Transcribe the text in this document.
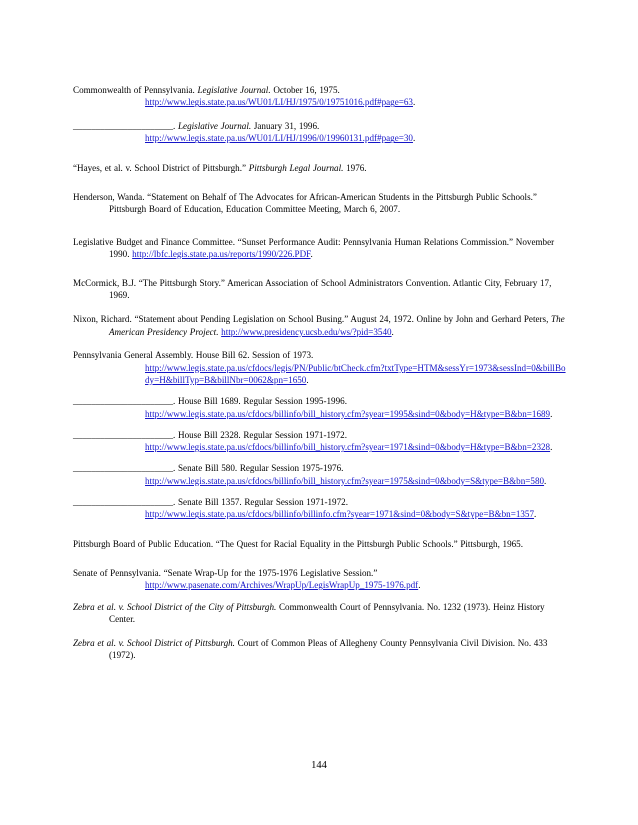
Commonwealth of Pennsylvania. Legislative Journal. October 16, 1975.
http://www.legis.state.pa.us/WU01/LI/HJ/1975/0/19751016.pdf#page=63.

______________________. Legislative Journal. January 31, 1996.
http://www.legis.state.pa.us/WU01/LI/HJ/1996/0/19960131.pdf#page=30.

“Hayes, et al. v. School District of Pittsburgh.” Pittsburgh Legal Journal. 1976.

Henderson, Wanda. “Statement on Behalf of The Advocates for African-American Students in the Pittsburgh Public Schools.” Pittsburgh Board of Education, Education Committee Meeting, March 6, 2007.

Legislative Budget and Finance Committee. “Sunset Performance Audit: Pennsylvania Human Relations Commission.” November 1990. http://lbfc.legis.state.pa.us/reports/1990/226.PDF.

McCormick, B.J. “The Pittsburgh Story.” American Association of School Administrators Convention. Atlantic City, February 17, 1969.

Nixon, Richard. “Statement about Pending Legislation on School Busing.” August 24, 1972. Online by John and Gerhard Peters, The American Presidency Project. http://www.presidency.ucsb.edu/ws/?pid=3540.

Pennsylvania General Assembly. House Bill 62. Session of 1973.
http://www.legis.state.pa.us/cfdocs/legis/PN/Public/btCheck.cfm?txtType=HTM&sessYr=1973&sessInd=0&billBody=H&billTyp=B&billNbr=0062&pn=1650.

______________________. House Bill 1689. Regular Session 1995-1996.
http://www.legis.state.pa.us/cfdocs/billinfo/bill_history.cfm?syear=1995&sind=0&body=H&type=B&bn=1689.

______________________. House Bill 2328. Regular Session 1971-1972.
http://www.legis.state.pa.us/cfdocs/billinfo/bill_history.cfm?syear=1971&sind=0&body=H&type=B&bn=2328.

______________________. Senate Bill 580. Regular Session 1975-1976.
http://www.legis.state.pa.us/cfdocs/billinfo/bill_history.cfm?syear=1975&sind=0&body=S&type=B&bn=580.

______________________. Senate Bill 1357. Regular Session 1971-1972.
http://www.legis.state.pa.us/cfdocs/billinfo/billinfo.cfm?syear=1971&sind=0&body=S&type=B&bn=1357.

Pittsburgh Board of Public Education. “The Quest for Racial Equality in the Pittsburgh Public Schools.” Pittsburgh, 1965.

Senate of Pennsylvania. “Senate Wrap-Up for the 1975-1976 Legislative Session.”
http://www.pasenate.com/Archives/WrapUp/LegisWrapUp_1975-1976.pdf.

Zebra et al. v. School District of the City of Pittsburgh. Commonwealth Court of Pennsylvania. No. 1232 (1973). Heinz History Center.

Zebra et al. v. School District of Pittsburgh. Court of Common Pleas of Allegheny County Pennsylvania Civil Division. No. 433 (1972).

144
